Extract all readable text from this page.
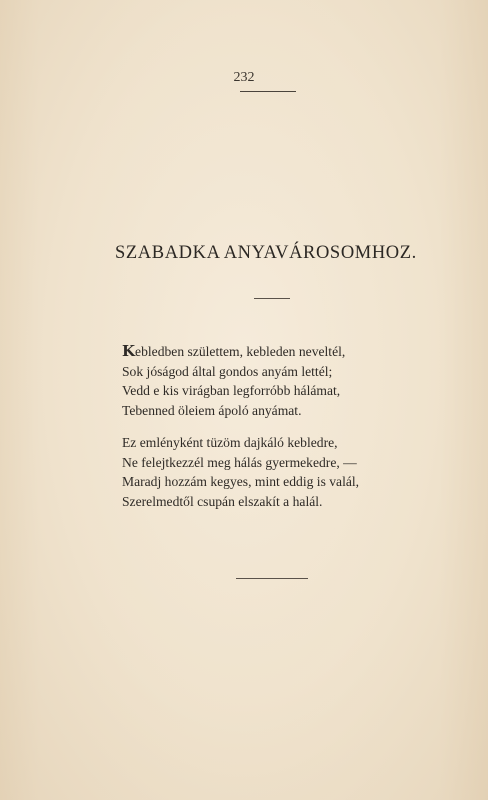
232
SZABADKA ANYAVÁROSOMHOZ.
Kebledben születtem, kebleden neveltél,
Sok jóságod által gondos anyám lettél;
Vedd e kis virágban legforróbb hálámat,
Tebenned öleiem ápoló anyámat.
Ez emlényként tüzöm dajkáló kebledre,
Ne felejtkezzél meg hálás gyermekedre, —
Maradj hozzám kegyes, mint eddig is valál,
Szerelmedtől csupán elszakít a halál.
